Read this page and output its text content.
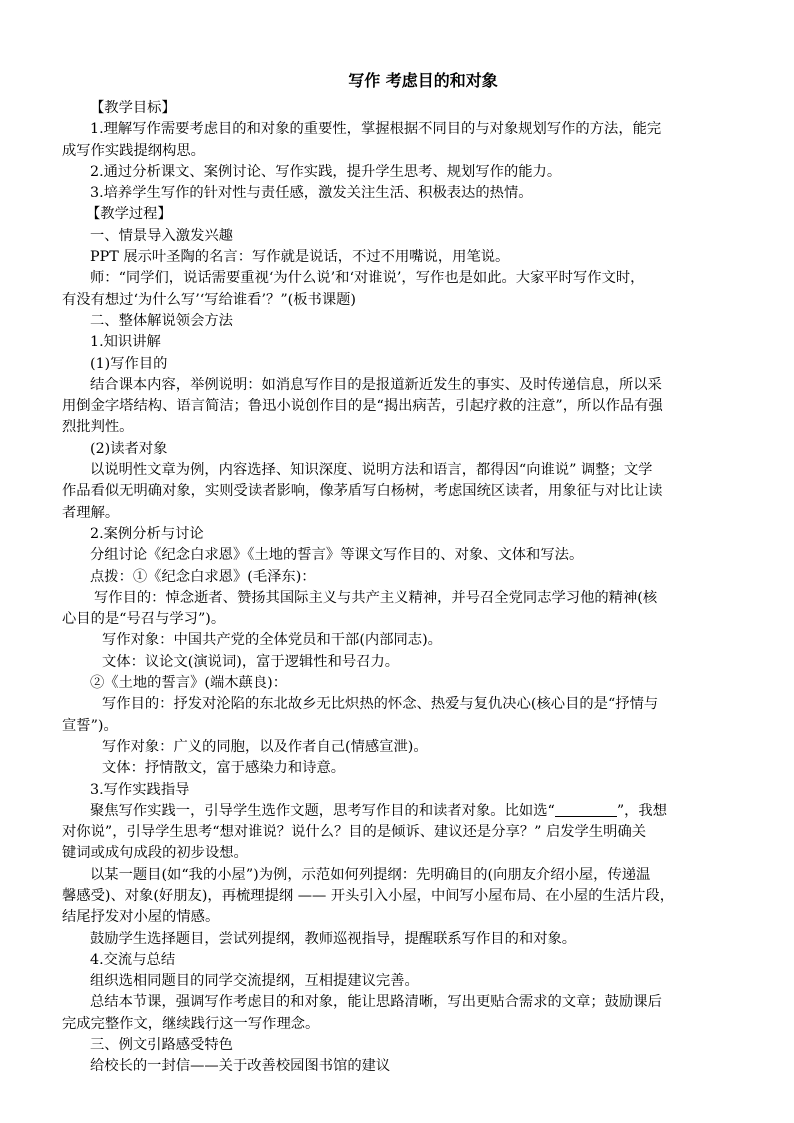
写作 考虑目的和对象
【教学目标】
1.理解写作需要考虑目的和对象的重要性，掌握根据不同目的与对象规划写作的方法，能完
成写作实践提纲构思。
2.通过分析课文、案例讨论、写作实践，提升学生思考、规划写作的能力。
3.培养学生写作的针对性与责任感，激发关注生活、积极表达的热情。
【教学过程】
一、情景导入激发兴趣
PPT 展示叶圣陶的名言：写作就是说话，不过不用嘴说，用笔说。
师：“同学们，说话需要重视‘为什么说’和‘对谁说’，写作也是如此。大家平时写作文时，
有没有想过‘为什么写’‘写给谁看’？”(板书课题)
二、整体解说领会方法
1.知识讲解
(1)写作目的
结合课本内容，举例说明：如消息写作目的是报道新近发生的事实、及时传递信息，所以采
用倒金字塔结构、语言简洁；鲁迅小说创作目的是“揭出病苦，引起疗救的注意”，所以作品有强
烈批判性。
(2)读者对象
以说明性文章为例，内容选择、知识深度、说明方法和语言，都得因“向谁说” 调整；文学
作品看似无明确对象，实则受读者影响，像茅盾写白杨树，考虑国统区读者，用象征与对比让读
者理解。
2.案例分析与讨论
分组讨论《纪念白求恩》《土地的誓言》等课文写作目的、对象、文体和写法。
点拨：①《纪念白求恩》(毛泽东)：
写作目的：悼念逝者、赞扬其国际主义与共产主义精神，并号召全党同志学习他的精神(核
心目的是“号召与学习”)。
写作对象：中国共产党的全体党员和干部(内部同志)。
文体：议论文(演说词)，富于逻辑性和号召力。
②《土地的誓言》(端木蕻良)：
写作目的：抒发对沦陷的东北故乡无比炽热的怀念、热爱与复仇决心(核心目的是“抒情与
宣誓”)。
写作对象：广义的同胞，以及作者自己(情感宣泄)。
文体：抒情散文，富于感染力和诗意。
3.写作实践指导
聚焦写作实践一，引导学生选作文题，思考写作目的和读者对象。比如选“	”，我想
对你说”，引导学生思考“想对谁说？说什么？目的是倾诉、建议还是分享？” 启发学生明确关
键词或成句成段的初步设想。
以某一题目(如“我的小屋”)为例，示范如何列提纲：先明确目的(向朋友介绍小屋，传递温
馨感受)、对象(好朋友)，再梳理提纲 —— 开头引入小屋，中间写小屋布局、在小屋的生活片段，
结尾抒发对小屋的情感。
鼓励学生选择题目，尝试列提纲，教师巡视指导，提醒联系写作目的和对象。
4.交流与总结
组织选相同题目的同学交流提纲，互相提建议完善。
总结本节课，强调写作考虑目的和对象，能让思路清晰，写出更贴合需求的文章；鼓励课后
完成完整作文，继续践行这一写作理念。
三、例文引路感受特色
给校长的一封信——关于改善校园图书馆的建议
